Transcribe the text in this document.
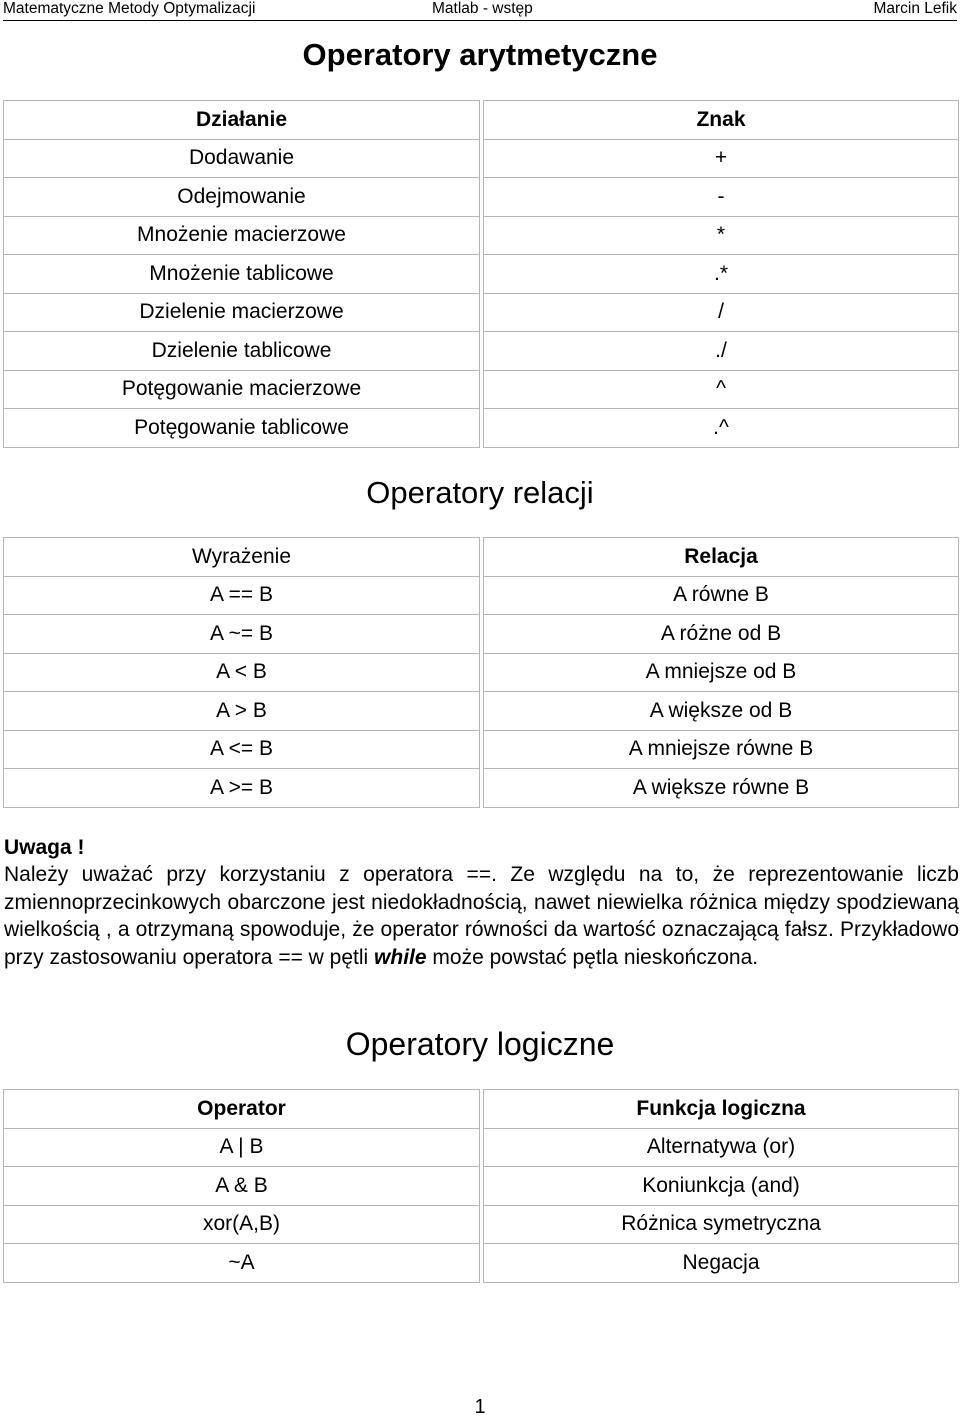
Matematyczne Metody Optymalizacji	Matlab - wstęp	Marcin Lefik
Operatory arytmetyczne
Działanie		Znak
Dodawanie		+
Odejmowanie		-
Mnożenie macierzowe		*
Mnożenie tablicowe		.*
Dzielenie macierzowe		/
Dzielenie tablicowe		./
Potęgowanie macierzowe		^
Potęgowanie tablicowe		.^
Operatory relacji
Wyrażenie		Relacja
A == B		A równe B
A ~= B		A różne od B
A < B		A mniejsze od B
A > B		A większe od B
A <= B		A mniejsze równe B
A >= B		A większe równe B
Uwaga !

Należy uważać przy korzystaniu z operatora ==. Ze względu na to, że reprezentowanie liczb zmiennoprzecinkowych obarczone jest niedokładnością, nawet niewielka różnica między spodziewaną wielkością , a otrzymaną spowoduje, że operator równości da wartość oznaczającą fałsz. Przykładowo przy zastosowaniu operatora == w pętli while może powstać pętla nieskończona.

Operatory logiczne
Operator		Funkcja logiczna
A | B		Alternatywa (or)
A & B		Koniunkcja (and)
xor(A,B)		Różnica symetryczna
~A		Negacja
1
